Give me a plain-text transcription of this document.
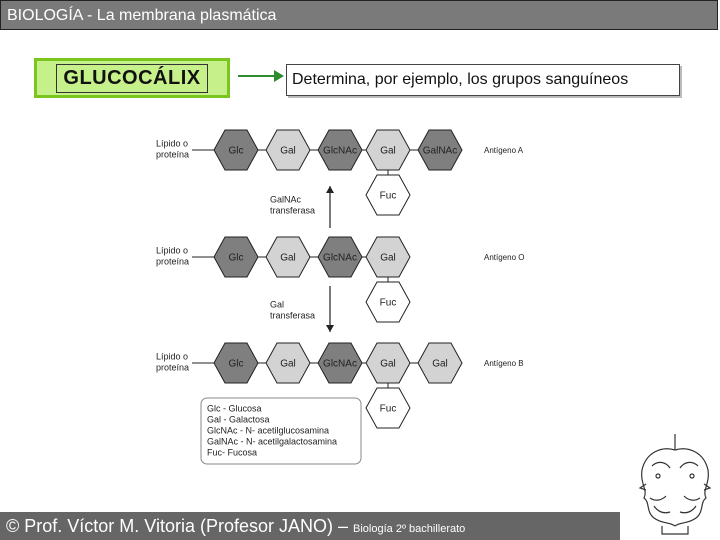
BIOLOGÍA - La membrana plasmática
GLUCOCÁLIX	Determina, por ejemplo, los grupos sanguíneos
Lípido o
proteína	Glc	Gal	GlcNAc Gal	GalNAc
Fuc
Antígeno A
Lípido o
proteína	Glc	Gal	GlcNAc Gal
Fuc
Antígeno O
Lípido o
proteína	Glc	Gal	GlcNAc Gal	Gal
Fuc
Antígeno B
GalNAc
transferasa
Gal
transferasa
Glc - Glucosa
Gal - Galactosa
GlcNAc - N- acetilglucosamina
GalNAc - N- acetilgalactosamina
Fuc- Fucosa
© Prof. Víctor M. Vitoria (Profesor JANO) – Biología 2º bachillerato
